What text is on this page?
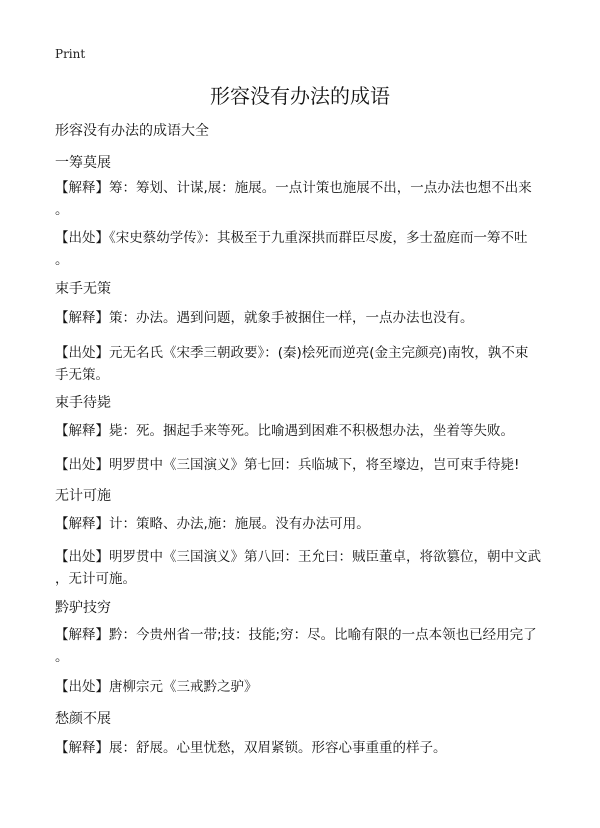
Print
形容没有办法的成语
形容没有办法的成语大全
一筹莫展
【解释】筹：筹划、计谋,展：施展。一点计策也施展不出，一点办法也想不出来
。
【出处】《宋史蔡幼学传》：其极至于九重深拱而群臣尽废，多士盈庭而一筹不吐
。
束手无策
【解释】策：办法。遇到问题，就象手被捆住一样，一点办法也没有。
【出处】元无名氏《宋季三朝政要》：(秦)桧死而逆亮(金主完颜亮)南牧，孰不束
手无策。
束手待毙
【解释】毙：死。捆起手来等死。比喻遇到困难不积极想办法，坐着等失败。
【出处】明罗贯中《三国演义》第七回：兵临城下，将至壕边，岂可束手待毙!
无计可施
【解释】计：策略、办法,施：施展。没有办法可用。
【出处】明罗贯中《三国演义》第八回：王允曰：贼臣董卓，将欲篡位，朝中文武
，无计可施。
黔驴技穷
【解释】黔：今贵州省一带;技：技能;穷：尽。比喻有限的一点本领也已经用完了
。
【出处】唐柳宗元《三戒黔之驴》
愁颜不展
【解释】展：舒展。心里忧愁，双眉紧锁。形容心事重重的样子。
